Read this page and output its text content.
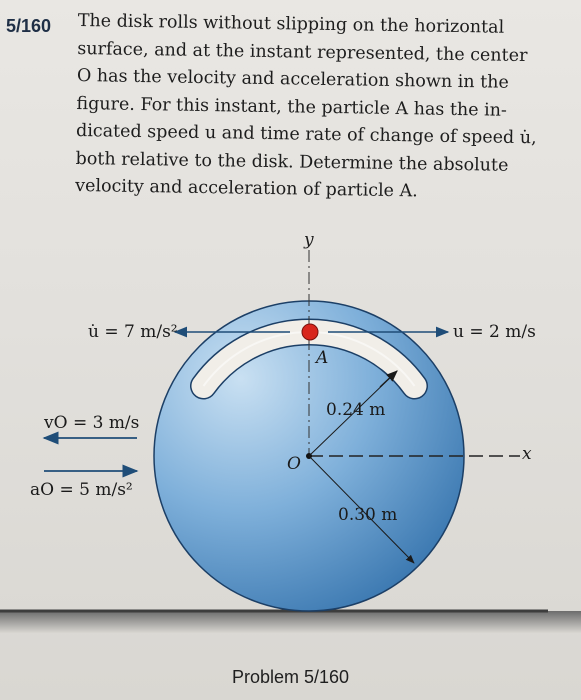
5/160 The disk rolls without slipping on the horizontal
surface, and at the instant represented, the center
O has the velocity and acceleration shown in the
figure. For this instant, the particle A has the in-
dicated speed u and time rate of change of speed u̇,
both relative to the disk. Determine the absolute
velocity and acceleration of particle A.
y
x
O
A
u̇ = 7 m/s²	u = 2 m/s
vO = 3 m/s
aO = 5 m/s²
0.24 m
0.30 m
Problem 5/160
